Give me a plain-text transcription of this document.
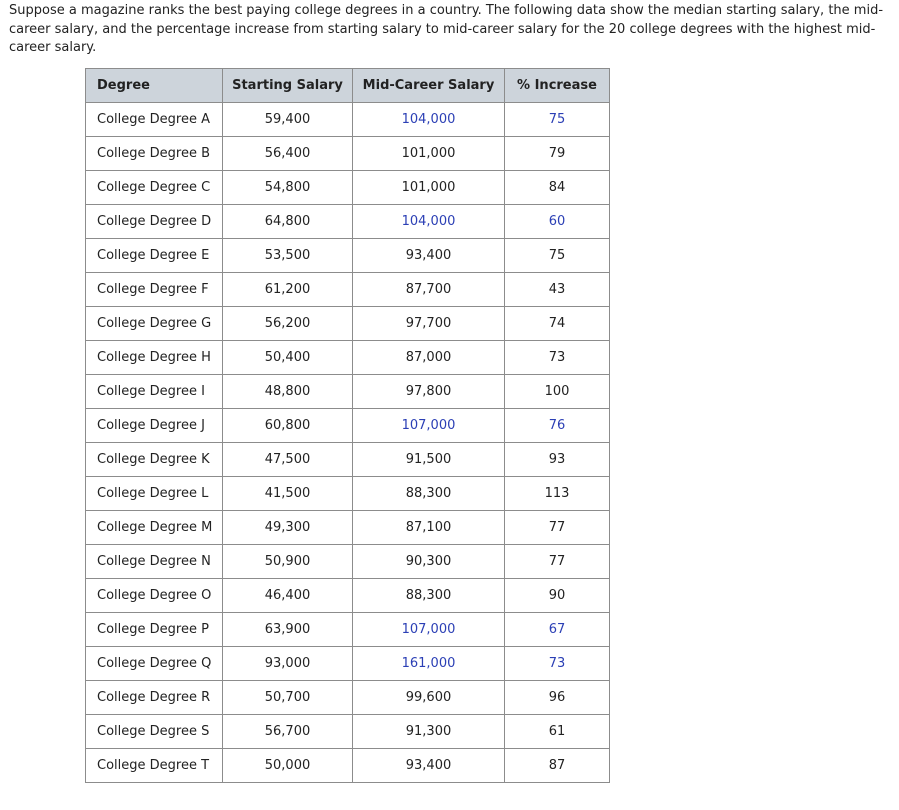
Suppose a magazine ranks the best paying college degrees in a country. The following data show the median starting salary, the mid-career salary, and the percentage increase from starting salary to mid-career salary for the 20 college degrees with the highest mid-career salary.

Degree	Starting Salary	Mid-Career Salary	% Increase
College Degree A	59,400	104,000	75
College Degree B	56,400	101,000	79
College Degree C	54,800	101,000	84
College Degree D	64,800	104,000	60
College Degree E	53,500	93,400	75
College Degree F	61,200	87,700	43
College Degree G	56,200	97,700	74
College Degree H	50,400	87,000	73
College Degree I	48,800	97,800	100
College Degree J	60,800	107,000	76
College Degree K	47,500	91,500	93
College Degree L	41,500	88,300	113
College Degree M	49,300	87,100	77
College Degree N	50,900	90,300	77
College Degree O	46,400	88,300	90
College Degree P	63,900	107,000	67
College Degree Q	93,000	161,000	73
College Degree R	50,700	99,600	96
College Degree S	56,700	91,300	61
College Degree T	50,000	93,400	87
